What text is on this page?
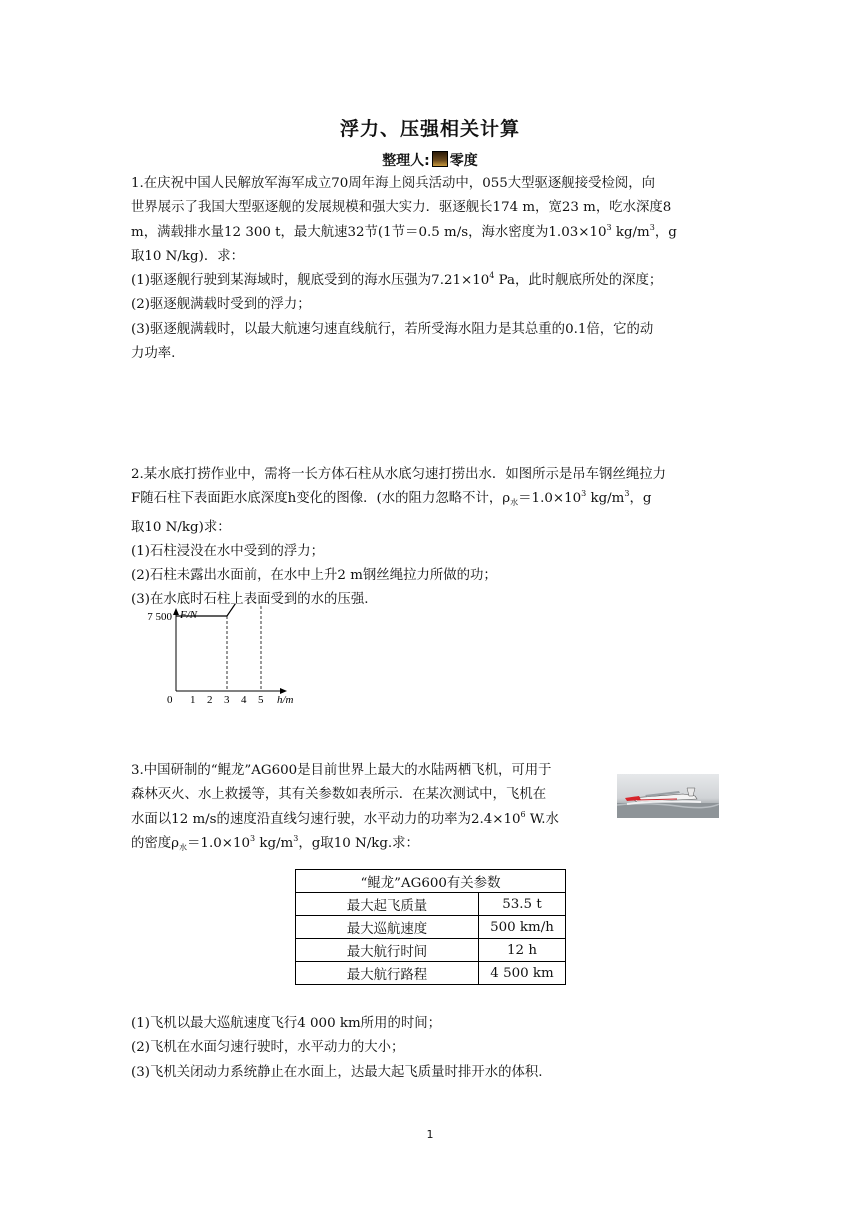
浮力、压强相关计算
整理人: 零度

1.在庆祝中国人民解放军海军成立70周年海上阅兵活动中，055大型驱逐舰接受检阅，向

世界展示了我国大型驱逐舰的发展规模和强大实力．驱逐舰长174 m，宽23 m，吃水深度8

m，满载排水量12 300 t，最大航速32节(1节＝0.5 m/s，海水密度为$1.03\times 10^3$ $kg/m^3$，g

取10 N/kg)．求：

(1)驱逐舰行驶到某海域时，舰底受到的海水压强为$7.21\times 10^4$ Pa，此时舰底所处的深度；

(2)驱逐舰满载时受到的浮力；

(3)驱逐舰满载时，以最大航速匀速直线航行，若所受海水阻力是其总重的0.1倍，它的动

力功率.

2.某水底打捞作业中，需将一长方体石柱从水底匀速打捞出水．如图所示是吊车钢丝绳拉力

F随石柱下表面距水底深度h变化的图像．(水的阻力忽略不计，$\rho_水=1.0\times 10^3$ $kg/m^3$，g

取10 N/kg)求：

(1)石柱浸没在水中受到的浮力；

(2)石柱未露出水面前，在水中上升2 m钢丝绳拉力所做的功；

(3)在水底时石柱上表面受到的水的压强.

F/N
h/m
0 1 2 3 4 5
7 500

3.中国研制的“鲲龙”AG600是目前世界上最大的水陆两栖飞机，可用于

森林灭火、水上救援等，其有关参数如表所示．在某次测试中，飞机在

水面以12 m/s的速度沿直线匀速行驶，水平动力的功率为$2.4\times 10^6$ W.水

的密度$\rho_水=1.0\times 10^3$ $kg/m^3$，g取10 N/kg.求：

“鲲龙”AG600有关参数	
最大起飞质量	53.5 t
最大巡航速度	500 km/h
最大航行时间	12 h
最大航行路程	4 500 km

(1)飞机以最大巡航速度飞行4 000 km所用的时间；

(2)飞机在水面匀速行驶时，水平动力的大小；

(3)飞机关闭动力系统静止在水面上，达最大起飞质量时排开水的体积.

1
